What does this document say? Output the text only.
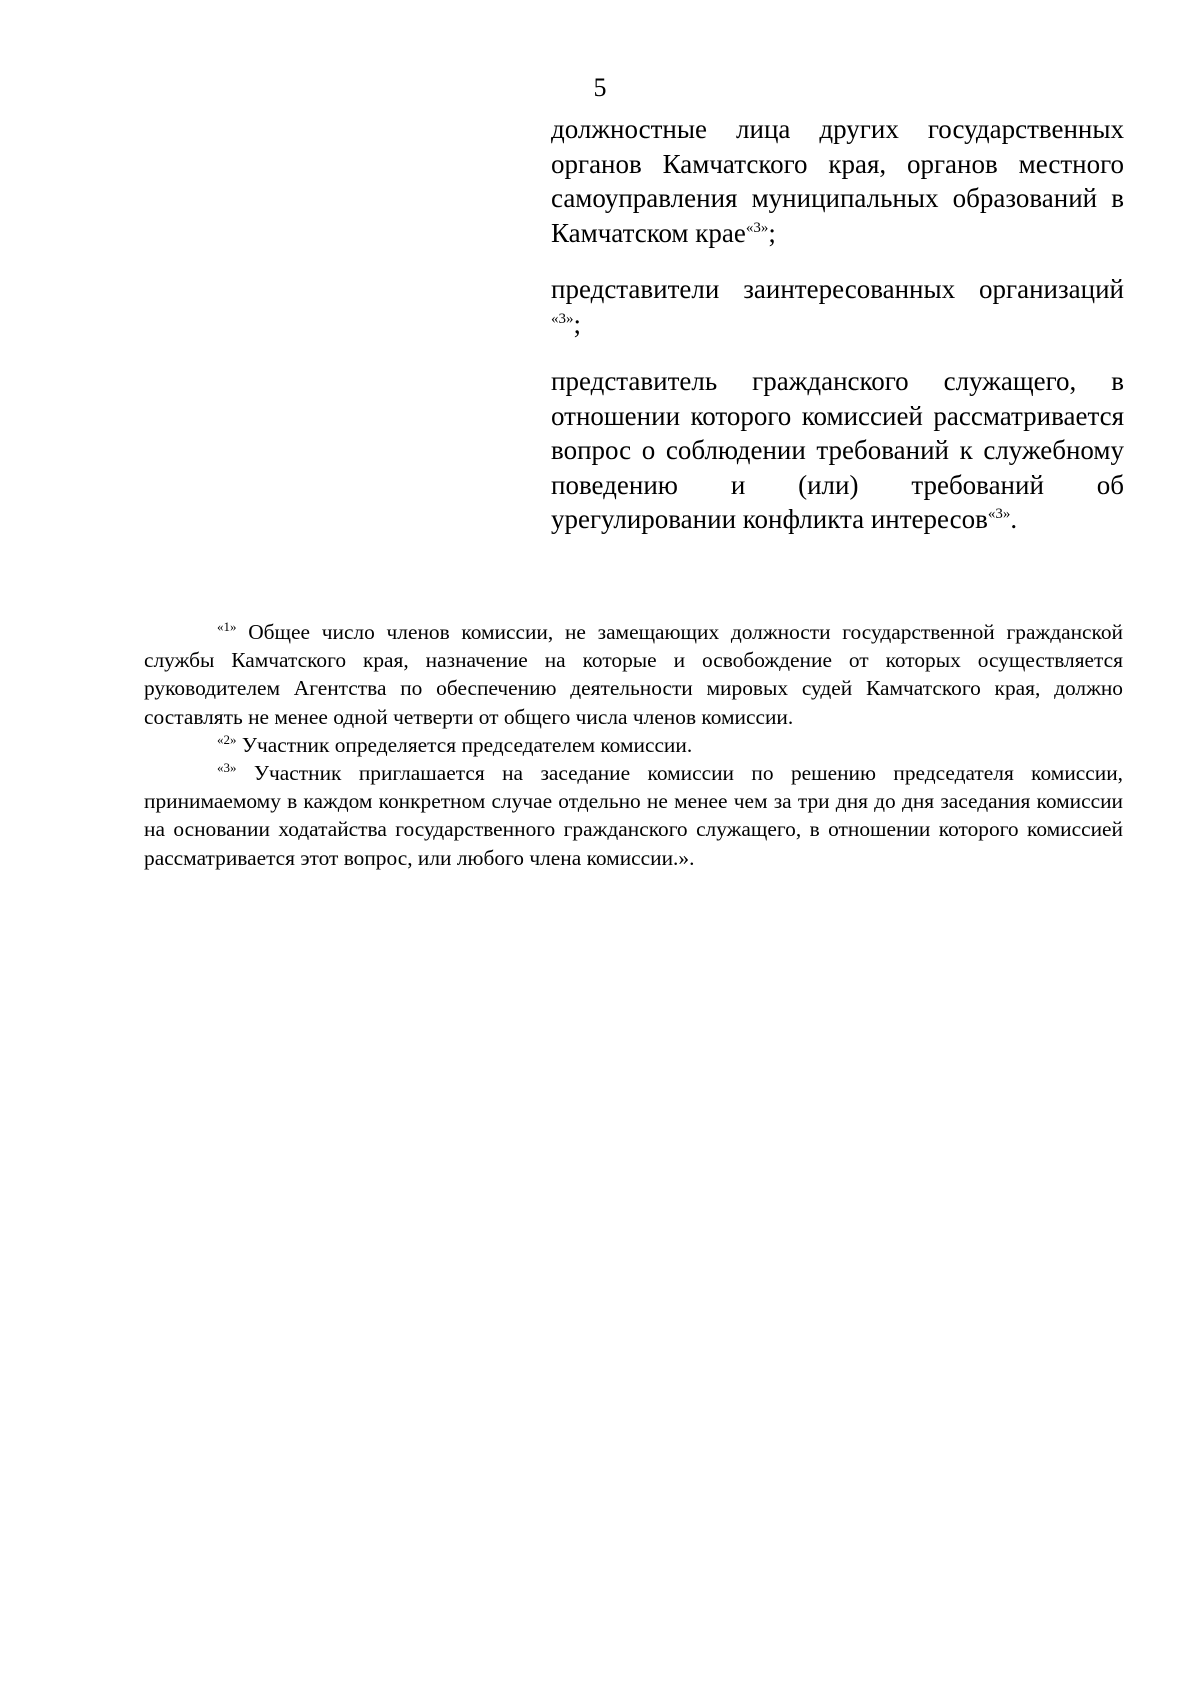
5

должностные лица других государственных органов Камчатского края, органов местного самоуправления муниципальных образований в Камчатском крае$^{«3»}$;

представители заинтересованных организаций $^{«3»}$;

представитель гражданского служащего, в отношении которого комиссией рассматривается вопрос о соблюдении требований к служебному поведению и (или) требований об урегулировании конфликта интересов$^{«3»}$.

$^{«1»}$ Общее число членов комиссии, не замещающих должности государственной гражданской службы Камчатского края, назначение на которые и освобождение от которых осуществляется руководителем Агентства по обеспечению деятельности мировых судей Камчатского края, должно составлять не менее одной четверти от общего числа членов комиссии.

$^{«2»}$ Участник определяется председателем комиссии.

$^{«3»}$ Участник приглашается на заседание комиссии по решению председателя комиссии, принимаемому в каждом конкретном случае отдельно не менее чем за три дня до дня заседания комиссии на основании ходатайства государственного гражданского служащего, в отношении которого комиссией рассматривается этот вопрос, или любого члена комиссии.».
